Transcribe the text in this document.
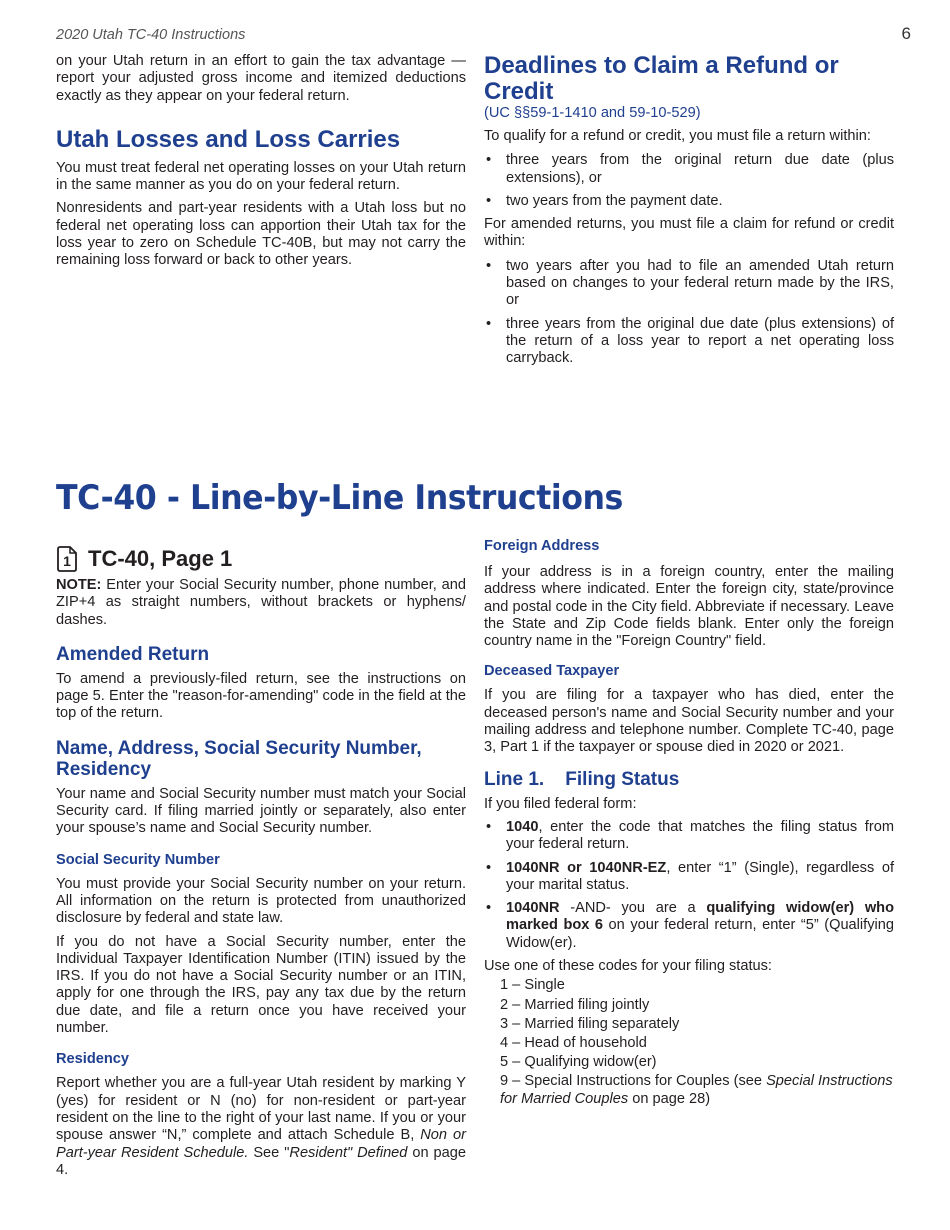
2020 Utah TC-40 Instructions	6

on your Utah return in an effort to gain the tax advantage — report your adjusted gross income and itemized deductions exactly as they appear on your federal return.

Utah Losses and Loss Carries

You must treat federal net operating losses on your Utah return in the same manner as you do on your federal return.

Nonresidents and part-year residents with a Utah loss but no federal net operating loss can apportion their Utah tax for the loss year to zero on Schedule TC-40B, but may not carry the remaining loss forward or back to other years.

Deadlines to Claim a Refund or Credit
(UC §§59-1-1410 and 59-10-529)

To qualify for a refund or credit, you must file a return within:

• three years from the original return due date (plus extensions), or
• two years from the payment date.

For amended returns, you must file a claim for refund or credit within:

• two years after you had to file an amended Utah return based on changes to your federal return made by the IRS, or
• three years from the original due date (plus extensions) of the return of a loss year to report a net operating loss carryback.
TC-40 - Line-by-Line Instructions
1 TC-40, Page 1

NOTE: Enter your Social Security number, phone number, and ZIP+4 as straight numbers, without brackets or hyphens/ dashes.

Amended Return

To amend a previously-filed return, see the instructions on page 5. Enter the "reason-for-amending" code in the field at the top of the return.

Name, Address, Social Security Number, Residency

Your name and Social Security number must match your Social Security card. If filing married jointly or separately, also enter your spouse’s name and Social Security number.

Social Security Number

You must provide your Social Security number on your return. All information on the return is protected from unauthorized disclosure by federal and state law.

If you do not have a Social Security number, enter the Individual Taxpayer Identification Number (ITIN) issued by the IRS. If you do not have a Social Security number or an ITIN, apply for one through the IRS, pay any tax due by the return due date, and file a return once you have received your number.

Residency

Report whether you are a full-year Utah resident by marking Y (yes) for resident or N (no) for non-resident or part-year resident on the line to the right of your last name. If you or your spouse answer “N,” complete and attach Schedule B, Non or Part-year Resident Schedule. See "Resident" Defined on page 4.

Foreign Address

If your address is in a foreign country, enter the mailing address where indicated. Enter the foreign city, state/province and postal code in the City field. Abbreviate if necessary. Leave the State and Zip Code fields blank. Enter only the foreign country name in the "Foreign Country" field.

Deceased Taxpayer

If you are filing for a taxpayer who has died, enter the deceased person's name and Social Security number and your mailing address and telephone number. Complete TC-40, page 3, Part 1 if the taxpayer or spouse died in 2020 or 2021.

Line 1.    Filing Status

If you filed federal form:

• 1040, enter the code that matches the filing status from your federal return.
• 1040NR or 1040NR-EZ, enter “1” (Single), regardless of your marital status.
• 1040NR -AND- you are a qualifying widow(er) who marked box 6 on your federal return, enter “5” (Qualifying Widow(er).

Use one of these codes for your filing status:

1 – Single
2 – Married filing jointly
3 – Married filing separately
4 – Head of household
5 – Qualifying widow(er)
9 – Special Instructions for Couples (see Special Instructions for Married Couples on page 28)
